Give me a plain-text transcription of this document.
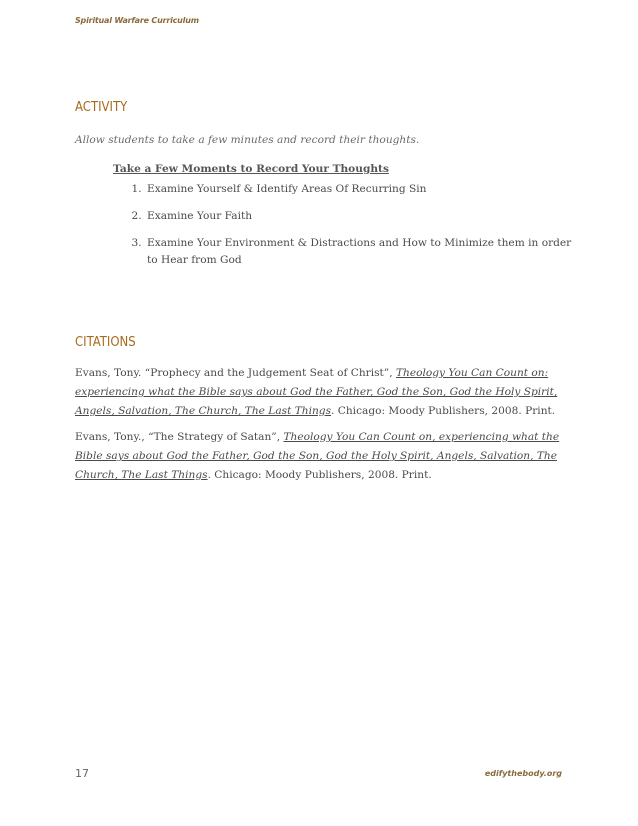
Spiritual Warfare Curriculum
ACTIVITY
Allow students to take a few minutes and record their thoughts.
Take a Few Moments to Record Your Thoughts
1. Examine Yourself & Identify Areas Of Recurring Sin
2. Examine Your Faith
3. Examine Your Environment & Distractions and How to Minimize them in order to Hear from God
CITATIONS

Evans, Tony. “Prophecy and the Judgement Seat of Christ”, Theology You Can Count on: experiencing what the Bible says about God the Father, God the Son, God the Holy Spirit, Angels, Salvation, The Church, The Last Things. Chicago: Moody Publishers, 2008. Print.

Evans, Tony., “The Strategy of Satan”, Theology You Can Count on, experiencing what the Bible says about God the Father, God the Son, God the Holy Spirit, Angels, Salvation, The Church, The Last Things. Chicago: Moody Publishers, 2008. Print.

17	edifythebody.org
